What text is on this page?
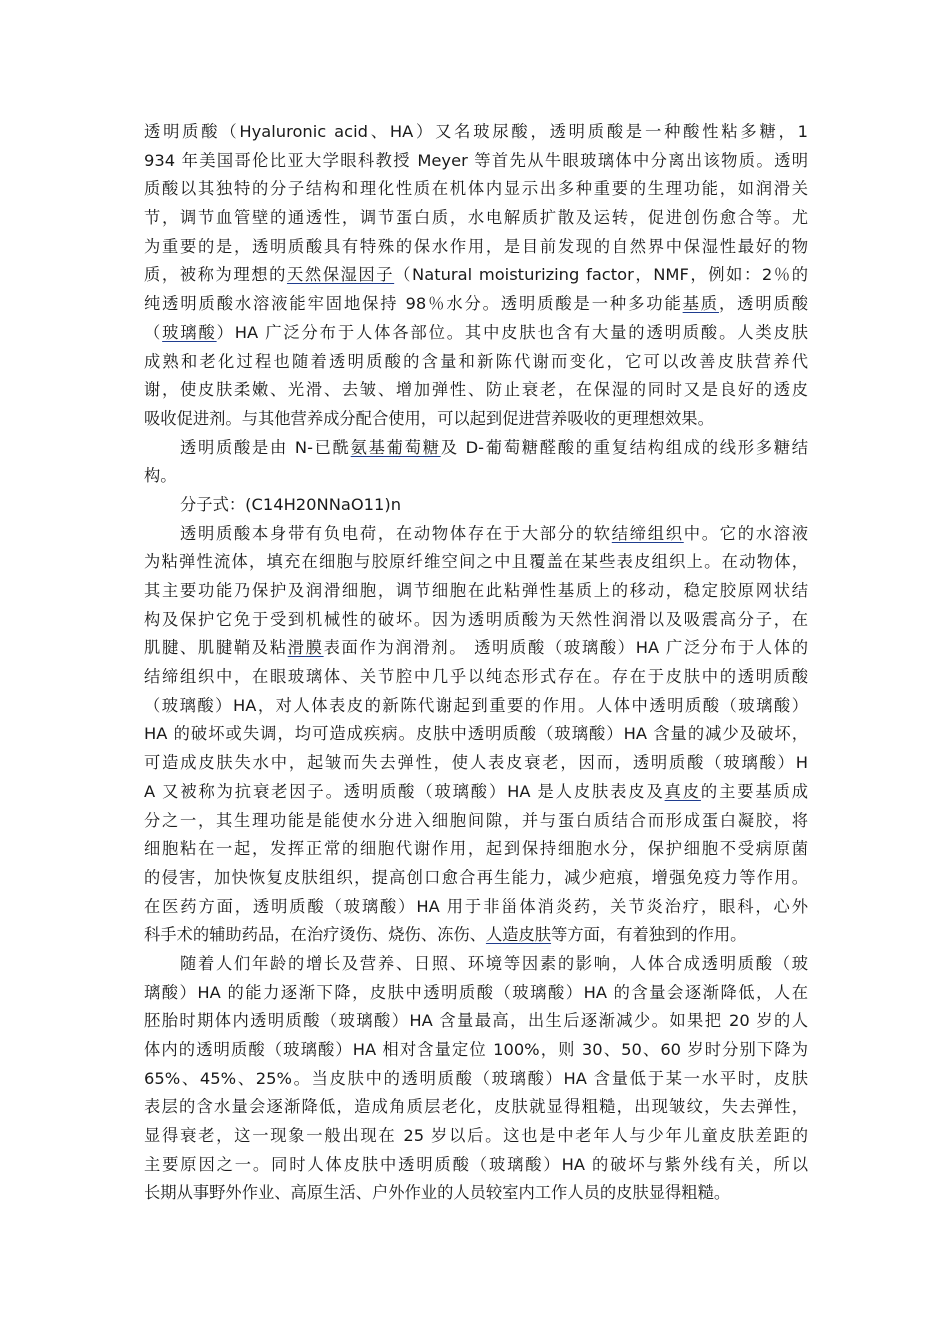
透明质酸（Hyaluronic acid、HA）又名玻尿酸，透明质酸是一种酸性粘多糖，1
934 年美国哥伦比亚大学眼科教授 Meyer 等首先从牛眼玻璃体中分离出该物质。透明
质酸以其独特的分子结构和理化性质在机体内显示出多种重要的生理功能，如润滑关
节，调节血管壁的通透性，调节蛋白质，水电解质扩散及运转，促进创伤愈合等。尤
为重要的是，透明质酸具有特殊的保水作用，是目前发现的自然界中保湿性最好的物
质，被称为理想的天然保湿因子（Natural moisturizing factor，NMF，例如：2％的
纯透明质酸水溶液能牢固地保持 98％水分。透明质酸是一种多功能基质，透明质酸
（玻璃酸）HA 广泛分布于人体各部位。其中皮肤也含有大量的透明质酸。人类皮肤
成熟和老化过程也随着透明质酸的含量和新陈代谢而变化，它可以改善皮肤营养代
谢，使皮肤柔嫩、光滑、去皱、增加弹性、防止衰老，在保湿的同时又是良好的透皮
吸收促进剂。与其他营养成分配合使用，可以起到促进营养吸收的更理想效果。
透明质酸是由 N-已酰氨基葡萄糖及 D-葡萄糖醛酸的重复结构组成的线形多糖结
构。
分子式：(C14H20NNaO11)n
透明质酸本身带有负电荷，在动物体存在于大部分的软结缔组织中。它的水溶液
为粘弹性流体，填充在细胞与胶原纤维空间之中且覆盖在某些表皮组织上。在动物体，
其主要功能乃保护及润滑细胞，调节细胞在此粘弹性基质上的移动，稳定胶原网状结
构及保护它免于受到机械性的破坏。因为透明质酸为天然性润滑以及吸震高分子，在
肌腱、肌腱鞘及粘滑膜表面作为润滑剂。 透明质酸（玻璃酸）HA 广泛分布于人体的
结缔组织中，在眼玻璃体、关节腔中几乎以纯态形式存在。存在于皮肤中的透明质酸
（玻璃酸）HA，对人体表皮的新陈代谢起到重要的作用。人体中透明质酸（玻璃酸）
HA 的破坏或失调，均可造成疾病。皮肤中透明质酸（玻璃酸）HA 含量的减少及破坏，
可造成皮肤失水中，起皱而失去弹性，使人表皮衰老，因而，透明质酸（玻璃酸）H
A 又被称为抗衰老因子。透明质酸（玻璃酸）HA 是人皮肤表皮及真皮的主要基质成
分之一，其生理功能是能使水分进入细胞间隙，并与蛋白质结合而形成蛋白凝胶，将
细胞粘在一起，发挥正常的细胞代谢作用，起到保持细胞水分，保护细胞不受病原菌
的侵害，加快恢复皮肤组织，提高创口愈合再生能力，减少疤痕，增强免疫力等作用。
在医药方面，透明质酸（玻璃酸）HA 用于非甾体消炎药，关节炎治疗，眼科，心外
科手术的辅助药品，在治疗烫伤、烧伤、冻伤、人造皮肤等方面，有着独到的作用。
随着人们年龄的增长及营养、日照、环境等因素的影响，人体合成透明质酸（玻
璃酸）HA 的能力逐渐下降，皮肤中透明质酸（玻璃酸）HA 的含量会逐渐降低，人在
胚胎时期体内透明质酸（玻璃酸）HA 含量最高，出生后逐渐减少。如果把 20 岁的人
体内的透明质酸（玻璃酸）HA 相对含量定位 100%，则 30、50、60 岁时分别下降为
65%、45%、25%。当皮肤中的透明质酸（玻璃酸）HA 含量低于某一水平时，皮肤
表层的含水量会逐渐降低，造成角质层老化，皮肤就显得粗糙，出现皱纹，失去弹性，
显得衰老，这一现象一般出现在 25 岁以后。这也是中老年人与少年儿童皮肤差距的
主要原因之一。同时人体皮肤中透明质酸（玻璃酸）HA 的破坏与紫外线有关，所以
长期从事野外作业、高原生活、户外作业的人员较室内工作人员的皮肤显得粗糙。
